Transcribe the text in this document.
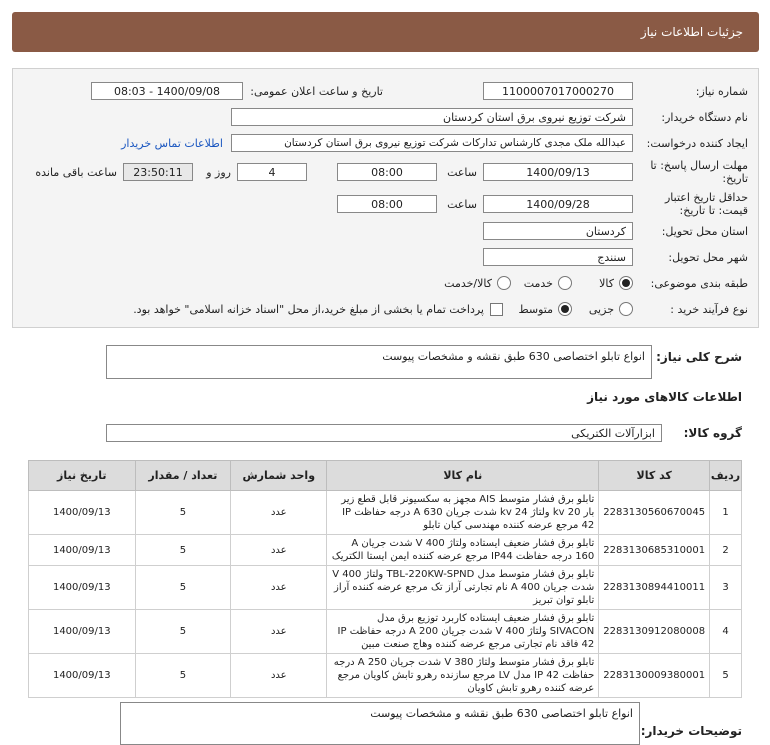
جزئیات اطلاعات نیاز
شماره نیاز:
1100007017000270
تاریخ و ساعت اعلان عمومی:
1400/09/08 - 08:03
نام دستگاه خریدار:
شرکت توزیع نیروی برق استان کردستان
ایجاد کننده درخواست:
عبدالله ملک مجدی کارشناس تدارکات شرکت توزیع نیروی برق استان کردستان
اطلاعات تماس خریدار
مهلت ارسال پاسخ: تا
تاریخ:
1400/09/13
ساعت
08:00
4
روز و
23:50:11
ساعت باقی مانده
حداقل تاریخ اعتبار
قیمت: تا تاریخ:
1400/09/28
ساعت
08:00
استان محل تحویل:
کردستان
شهر محل تحویل:
سنندج
طبقه بندی موضوعی:
کالا
خدمت
کالا/خدمت
نوع فرآیند خرید :
جزیی
متوسط
پرداخت تمام یا بخشی از مبلغ خرید،از محل "اسناد خزانه اسلامی" خواهد بود.
شرح کلی نیاز:
انواع تابلو اختصاصی 630 طبق نقشه و مشخصات پیوست
اطلاعات کالاهای مورد نیاز
گروه کالا:
ابزارآلات الکتریکی
ردیف	کد کالا	نام کالا	واحد شمارش	تعداد / مقدار	تاریخ نیاز
1	2283130560670045	تابلو برق فشار متوسط AIS مجهز به سکسیونر قابل قطع زیر بار kv 20 ولتاژ kv 24 شدت جریان A 630 درجه حفاظت IP 42 مرجع عرضه کننده مهندسی کیان تابلو	عدد	5	1400/09/13
2	2283130685310001	تابلو برق فشار ضعیف ایستاده ولتاژ V 400 شدت جریان A 160 درجه حفاظت IP44 مرجع عرضه کننده ایمن ایستا الکتریک	عدد	5	1400/09/13
3	2283130894410011	تابلو برق فشار متوسط مدل TBL-220KW-SPND ولتاژ V 400 شدت جریان A 400 نام تجارتی آراز تک مرجع عرضه کننده آراز تابلو توان تبریز	عدد	5	1400/09/13
4	2283130912080008	تابلو برق فشار ضعیف ایستاده کاربرد توزیع برق مدل SIVACON ولتاژ V 400 شدت جریان A 200 درجه حفاظت IP 42 فاقد نام تجارتی مرجع عرضه کننده وهاج صنعت مبین	عدد	5	1400/09/13
5	2283130009380001	تابلو برق فشار متوسط ولتاژ V 380 شدت جریان A 250 درجه حفاظت IP 42 مدل LV مرجع سازنده رهرو تابش کاویان مرجع عرضه کننده رهرو تابش کاویان	عدد	5	1400/09/13
انواع تابلو اختصاصی 630 طبق نقشه و مشخصات پیوست
توضیحات خریدار:
